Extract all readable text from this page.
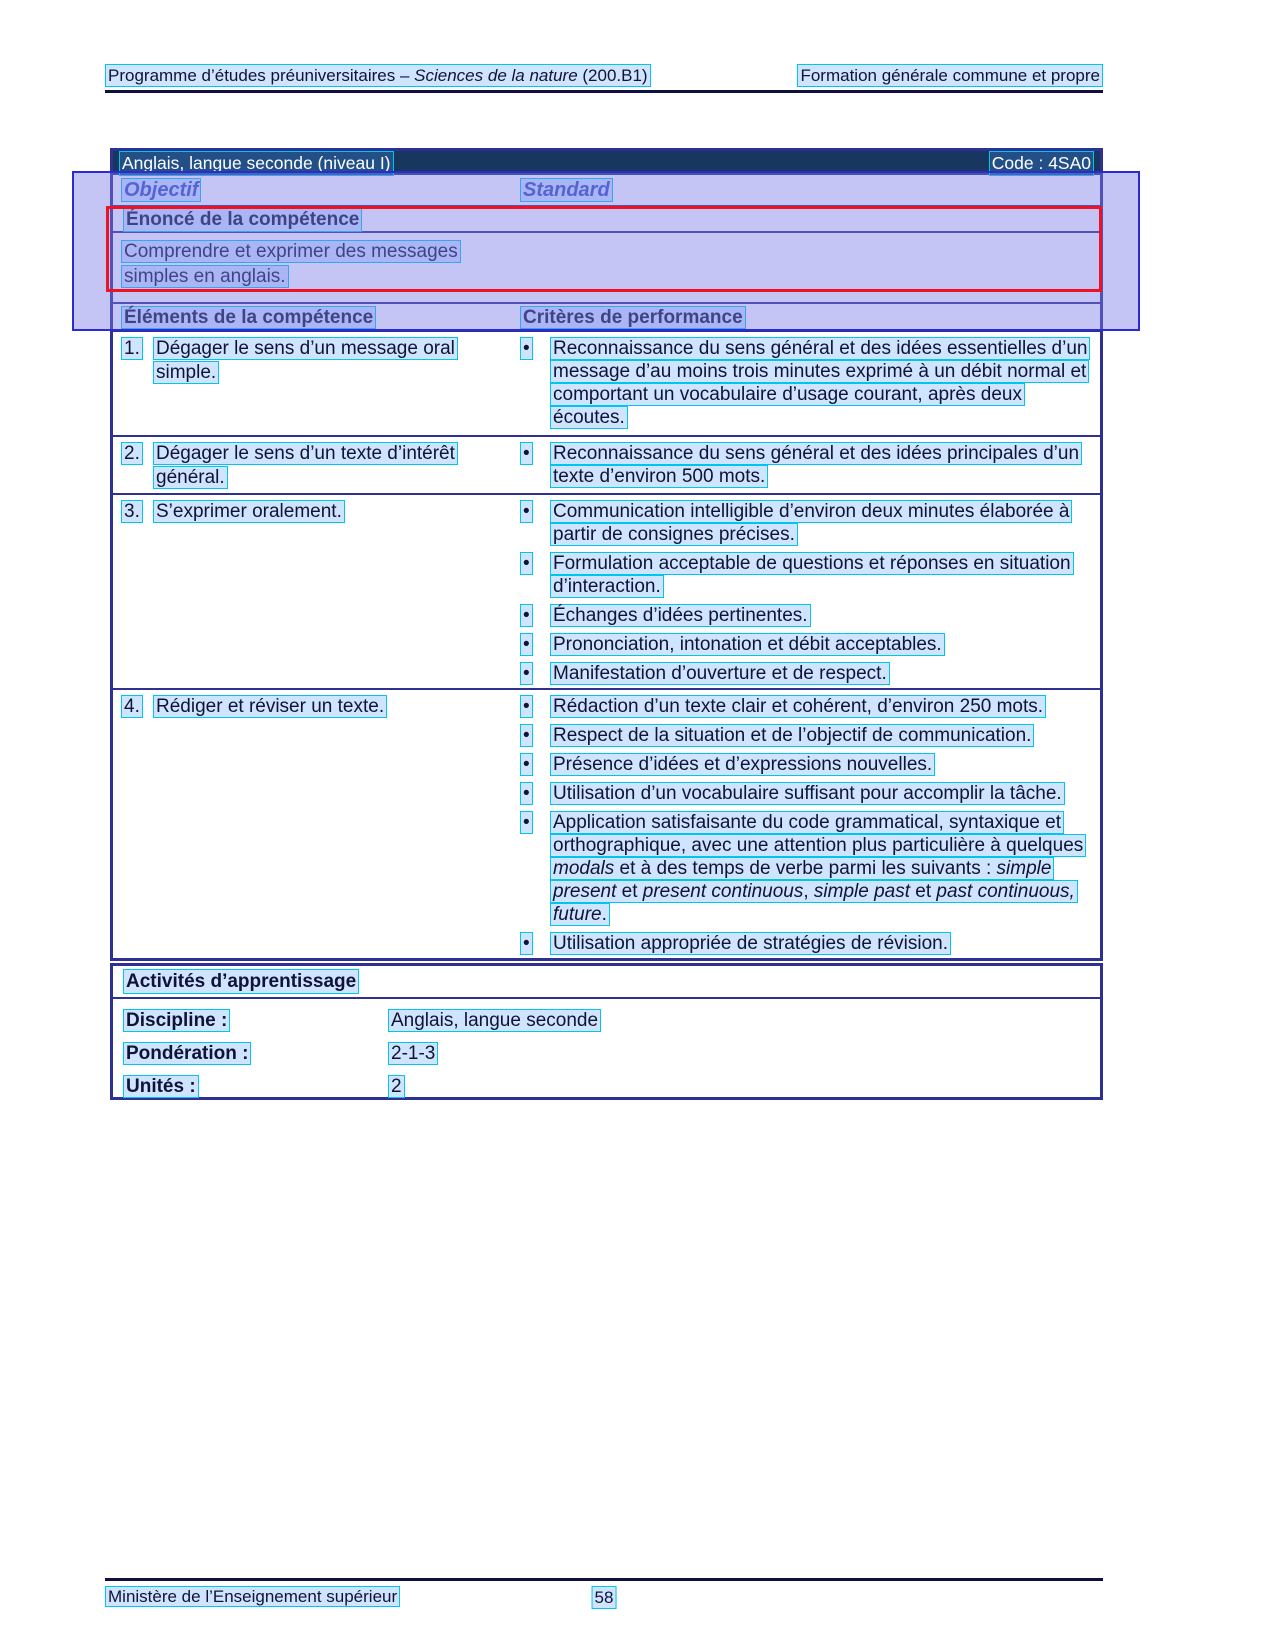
Programme d’études préuniversitaires – Sciences de la nature (200.B1)	Formation générale commune et propre
Anglais, langue seconde (niveau I)	Code : 4SA0
Objectif	Standard
Énoncé de la compétence
Comprendre et exprimer des messages
simples en anglais.
Éléments de la compétence	Critères de performance
1. Dégager le sens d’un message oral
simple.
•	Reconnaissance du sens général et des idées essentielles d’un message d’au moins trois minutes exprimé à un débit normal et comportant un vocabulaire d’usage courant, après deux écoutes.
2. Dégager le sens d’un texte d’intérêt
général.
•	Reconnaissance du sens général et des idées principales d’un texte d’environ 500 mots.
3. S’exprimer oralement.	•	Communication intelligible d’environ deux minutes élaborée à partir de consignes précises.
•	Formulation acceptable de questions et réponses en situation d’interaction.
•	Échanges d’idées pertinentes.
•	Prononciation, intonation et débit acceptables.
•	Manifestation d’ouverture et de respect.
4. Rédiger et réviser un texte.	•	Rédaction d’un texte clair et cohérent, d’environ 250 mots.
•	Respect de la situation et de l’objectif de communication.
•	Présence d’idées et d’expressions nouvelles.
•	Utilisation d’un vocabulaire suffisant pour accomplir la tâche.
•	Application satisfaisante du code grammatical, syntaxique et orthographique, avec une attention plus particulière à quelques modals et à des temps de verbe parmi les suivants : simple present et present continuous, simple past et past continuous, future.
•	Utilisation appropriée de stratégies de révision.
Activités d’apprentissage
Discipline :	Anglais, langue seconde
Pondération :	2-1-3
Unités :	2
Ministère de l’Enseignement supérieur	58
